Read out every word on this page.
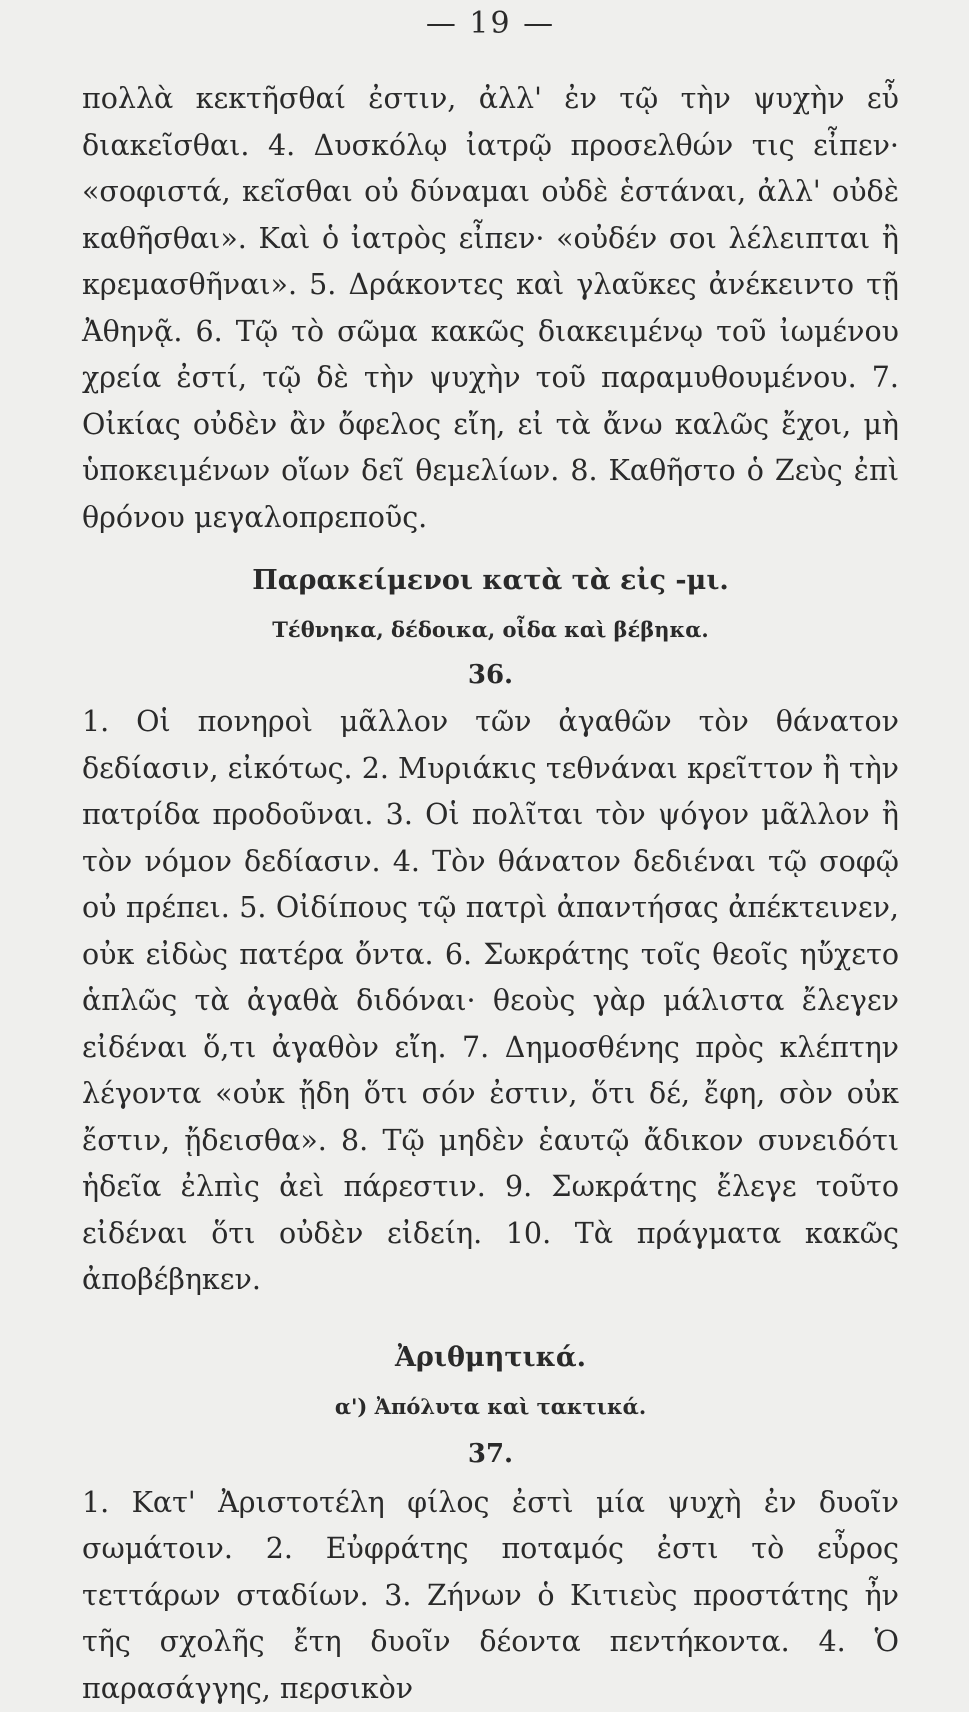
— 19 —

πολλὰ κεκτῆσθαί ἐστιν, ἀλλ' ἐν τῷ τὴν ψυχὴν εὖ διακεῖσθαι. 4. Δυσκόλῳ ἰατρῷ προσελθών τις εἶπεν· «σοφιστά, κεῖσθαι οὐ δύναμαι οὐδὲ ἑστάναι, ἀλλ' οὐδὲ καθῆσθαι». Καὶ ὁ ἰατρὸς εἶπεν· «οὐδέν σοι λέλειπται ἢ κρεμασθῆναι». 5. Δράκοντες καὶ γλαῦκες ἀνέκειντο τῇ Ἀθηνᾷ. 6. Τῷ τὸ σῶμα κακῶς διακειμένῳ τοῦ ἰωμένου χρεία ἐστί, τῷ δὲ τὴν ψυχὴν τοῦ παραμυθουμένου. 7. Οἰκίας οὐδὲν ἂν ὄφελος εἴη, εἰ τὰ ἄνω καλῶς ἔχοι, μὴ ὑποκειμένων οἵων δεῖ θεμελίων. 8. Καθῆστο ὁ Ζεὺς ἐπὶ θρόνου μεγαλοπρεποῦς.

Παρακείμενοι κατὰ τὰ εἰς -μι.

Τέθνηκα, δέδοικα, οἶδα καὶ βέβηκα.

36.

1. Οἱ πονηροὶ μᾶλλον τῶν ἀγαθῶν τὸν θάνατον δεδίασιν, εἰκότως. 2. Μυριάκις τεθνάναι κρεῖττον ἢ τὴν πατρίδα προδοῦναι. 3. Οἱ πολῖται τὸν ψόγον μᾶλλον ἢ τὸν νόμον δεδίασιν. 4. Τὸν θάνατον δεδιέναι τῷ σοφῷ οὐ πρέπει. 5. Οἰδίπους τῷ πατρὶ ἀπαντήσας ἀπέκτεινεν, οὐκ εἰδὼς πατέρα ὄντα. 6. Σωκράτης τοῖς θεοῖς ηὔχετο ἁπλῶς τὰ ἀγαθὰ διδόναι· θεοὺς γὰρ μάλιστα ἔλεγεν εἰδέναι ὅ,τι ἀγαθὸν εἴη. 7. Δημοσθένης πρὸς κλέπτην λέγοντα «οὐκ ᾔδη ὅτι σόν ἐστιν, ὅτι δέ, ἔφη, σὸν οὐκ ἔστιν, ᾔδεισθα». 8. Τῷ μηδὲν ἑαυτῷ ἄδικον συνειδότι ἡδεῖα ἐλπὶς ἀεὶ πάρεστιν. 9. Σωκράτης ἔλεγε τοῦτο εἰδέναι ὅτι οὐδὲν εἰδείη. 10. Τὰ πράγματα κακῶς ἀποβέβηκεν.

Ἀριθμητικά.

α') Ἀπόλυτα καὶ τακτικά.

37.

1. Κατ' Ἀριστοτέλη φίλος ἐστὶ μία ψυχὴ ἐν δυοῖν σωμάτοιν. 2. Εὐφράτης ποταμός ἐστι τὸ εὖρος τεττάρων σταδίων. 3. Ζήνων ὁ Κιτιεὺς προστάτης ἦν τῆς σχολῆς ἔτη δυοῖν δέοντα πεντήκοντα. 4. Ὁ παρασάγγης, περσικὸν
